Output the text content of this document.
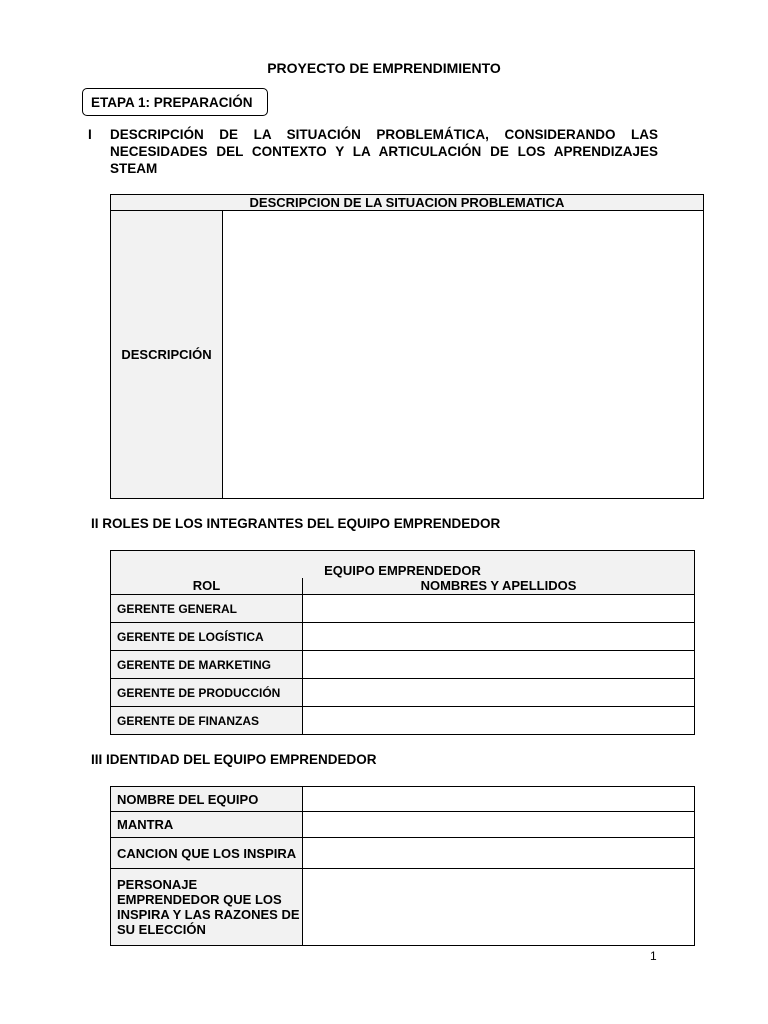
PROYECTO DE EMPRENDIMIENTO
ETAPA 1: PREPARACIÓN
I DESCRIPCIÓN DE LA SITUACIÓN PROBLEMÁTICA, CONSIDERANDO LAS NECESIDADES DEL CONTEXTO Y LA ARTICULACIÓN DE LOS APRENDIZAJES STEAM
DESCRIPCION DE LA SITUACION PROBLEMATICA
DESCRIPCIÓN	
II ROLES DE LOS INTEGRANTES DEL EQUIPO EMPRENDEDOR
EQUIPO EMPRENDEDOR	
ROL	NOMBRES Y APELLIDOS
GERENTE GENERAL	
GERENTE DE LOGÍSTICA	
GERENTE DE MARKETING	
GERENTE DE PRODUCCIÓN	
GERENTE DE FINANZAS	
III IDENTIDAD DEL EQUIPO EMPRENDEDOR
NOMBRE DEL EQUIPO	
MANTRA	
CANCION QUE LOS INSPIRA	
PERSONAJE EMPRENDEDOR QUE LOS INSPIRA Y LAS RAZONES DE SU ELECCIÓN	
1
